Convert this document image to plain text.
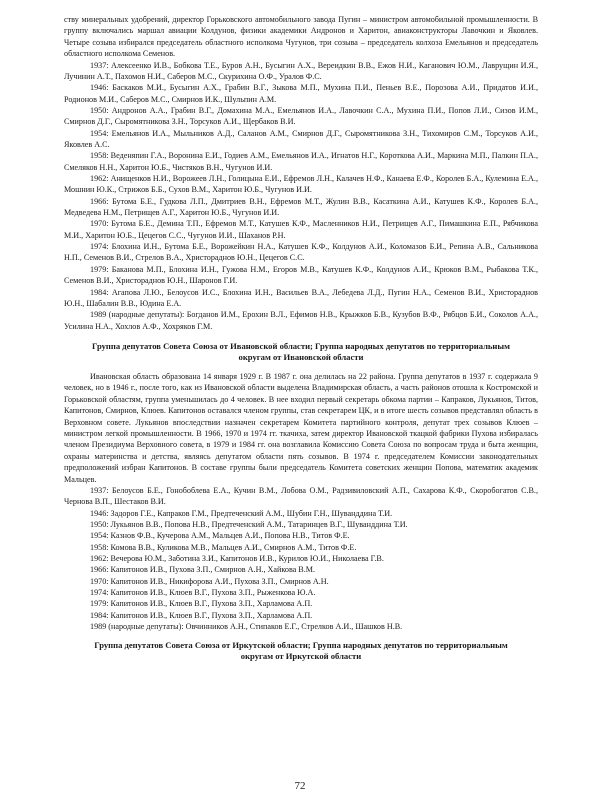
ству минеральных удобрений, директор Горьковского автомобильного завода Пугин – министром автомобильной промышленности. В группу включались маршал авиации Колдунов, физики академики Андронов и Харитон, авиаконструкторы Лавочкин и Яковлев. Четыре созыва избирался председатель областного исполкома Чугунов, три созыва – председатель колхоза Емельянов и председатель областного исполкома Семенов.

1937: Алексеенко И.В., Бобкова Т.Е., Буров А.Н., Бусыгин А.Х., Вереидкин В.В., Ежов Н.И., Каганович Ю.М., Лаврущин И.Я., Лучинин А.Т., Пахомов Н.И., Саберов М.С., Скурихина О.Ф., Уралов Ф.С.

1946: Баскаков М.И., Бусыгин А.Х., Грабин В.Г., Зыкова М.П., Мухина П.И., Пеньев В.Е., Порозова А.И., Придатов И.И., Родионов М.И., Саберов М.С., Смирнов И.К., Шульпин А.М.

1950: Андронов А.А., Грабин В.Г., Домахина М.А., Емельянов И.А., Лавочкин С.А., Мухина П.И., Попов Л.И., Сизов И.М., Смирнов Д.Г., Сыромятникова З.Н., Торсуков А.И., Щербаков В.И.

1954: Емельянов И.А., Мыльников А.Д., Саланов А.М., Смирнов Д.Г., Сыромятникова З.Н., Тихомиров С.М., Торсуков А.И., Яковлев А.С.

1958: Веденяпин Г.А., Воронина Е.И., Годиев А.М., Емельянов И.А., Игнатов Н.Г., Короткова А.И., Маркина М.П., Палкин П.А., Смеляков Н.Н., Харитон Ю.Б., Чистяков В.Н., Чугунов И.И.

1962: Анищенков Н.И., Ворожеев Л.Н., Голицына Е.И., Ефремов Л.Н., Калачев Н.Ф., Канаева Е.Ф., Королев Б.А., Кулемина Е.А., Мошнин Ю.К., Стрижов Б.Б., Сухов В.М., Харитон Ю.Б., Чугунов И.И.

1966: Бутома Б.Е., Гудкова Л.П., Дмитриев В.Н., Ефремов М.Т., Жулин В.В., Касаткина А.И., Катушев К.Ф., Королев Б.А., Медведева Н.М., Петрищев А.Г., Харитон Ю.Б., Чугунов И.И.

1970: Бутома Б.Е., Демина Т.П., Ефремов М.Т., Катушев К.Ф., Масленников Н.И., Петрищев А.Г., Пимашкина Е.П., Рябчикова М.И., Харитон Ю.Б., Цецегов С.С., Чугунов И.И., Шаханов Р.Н.

1974: Блохина И.Н., Бутома Б.Е., Ворожейкин Н.А., Катушев К.Ф., Колдунов А.И., Коломазов Б.И., Репина А.В., Сальникова Н.П., Семенов В.И., Стрелов В.А., Христораднов Ю.Н., Цецегов С.С.

1979: Баканова М.П., Блохина И.Н., Гужова Н.М., Егоров М.В., Катушев К.Ф., Колдунов А.И., Крюков В.М., Рыбакова Т.К., Семенов В.И., Христораднов Ю.Н., Шаронов Г.И.

1984: Агапова Л.Ю., Белоусов И.С., Блохина И.Н., Васильев В.А., Лебедева Л.Д., Пугин Н.А., Семенов В.И., Христораднов Ю.Н., Шабалин В.В., Юдина Е.А.

1989 (народные депутаты): Богданов И.М., Ерохин В.Л., Ефимов Н.В., Крыжков Б.В., Кузубов В.Ф., Рябцов Б.И., Соколов А.А., Усилина Н.А., Хохлов А.Ф., Хохряков Г.М.

Группа депутатов Совета Союза от Ивановской области; Группа народных депутатов по территориальным округам от Ивановской области

Ивановская область образована 14 января 1929 г. В 1987 г. она делилась на 22 района. Группа депутатов в 1937 г. содержала 9 человек, но в 1946 г., после того, как из Ивановской области выделена Владимирская область, а часть районов отошла к Костромской и Горьковской областям, группа уменьшилась до 4 человек. В нее входил первый секретарь обкома партии – Капраков, Лукьянов, Титов, Капитонов, Смирнов, Клюев. Капитонов оставался членом группы, став секретарем ЦК, и в итоге шесть созывов представлял область в Верховном совете. Лукьянов впоследствии назначен секретарем Комитета партийного контроля, депутат трех созывов Клюев – министром легкой промышленности. В 1966, 1970 и 1974 гг. ткачиха, затем директор Ивановской ткацкой фабрики Пухова избиралась членом Президиума Верховного совета, в 1979 и 1984 гг. она возглавила Комиссию Совета Союза по вопросам труда и быта женщин, охраны материнства и детства, являясь депутатом области пять созывов. В 1974 г. председателем Комиссии законодательных предположений избран Капитонов. В составе группы были председатель Комитета советских женщин Попова, математик академик Мальцев.

1937: Белоусов Б.Е., Гонобоблева Е.А., Кучин В.М., Лобова О.М., Радзивиловский А.П., Сахарова К.Ф., Скоробогатов С.В., Чернова В.П., Шестаков В.И.

1946: Задоров Г.Е., Капраков Г.М., Предтеченский А.М., Шубин Г.Н., Шуванддина Т.И.

1950: Лукьянов В.В., Попова Н.В., Предтеченский А.М., Татаринцев В.Г., Шуванддина Т.И.

1954: Казнов Ф.В., Кучерова А.М., Мальцев А.И., Попова Н.В., Титов Ф.Е.

1958: Комова В.В., Куликова М.В., Мальцев А.И., Смирнов А.М., Титов Ф.Е.

1962: Вечерова Ю.М., Заботина З.И., Капитонов И.В., Курилов Ю.И., Николаева Г.В.

1966: Капитонов И.В., Пухова З.П., Смирнов А.Н., Хайкова В.М.

1970: Капитонов И.В., Никифорова А.И., Пухова З.П., Смирнов А.Н.

1974: Капитонов И.В., Клюев В.Г., Пухова З.П., Рыженкова Ю.А.

1979: Капитонов И.В., Клюев В.Г., Пухова З.П., Харламова А.П.

1984: Капитонов И.В., Клюев В.Г., Пухова З.П., Харламова А.П.

1989 (народные депутаты): Овчинников А.Н., Стипаков Е.Г., Стрелков А.И., Шашков Н.В.

Группа депутатов Совета Союза от Иркутской области; Группа народных депутатов по территориальным округам от Иркутской области
72
